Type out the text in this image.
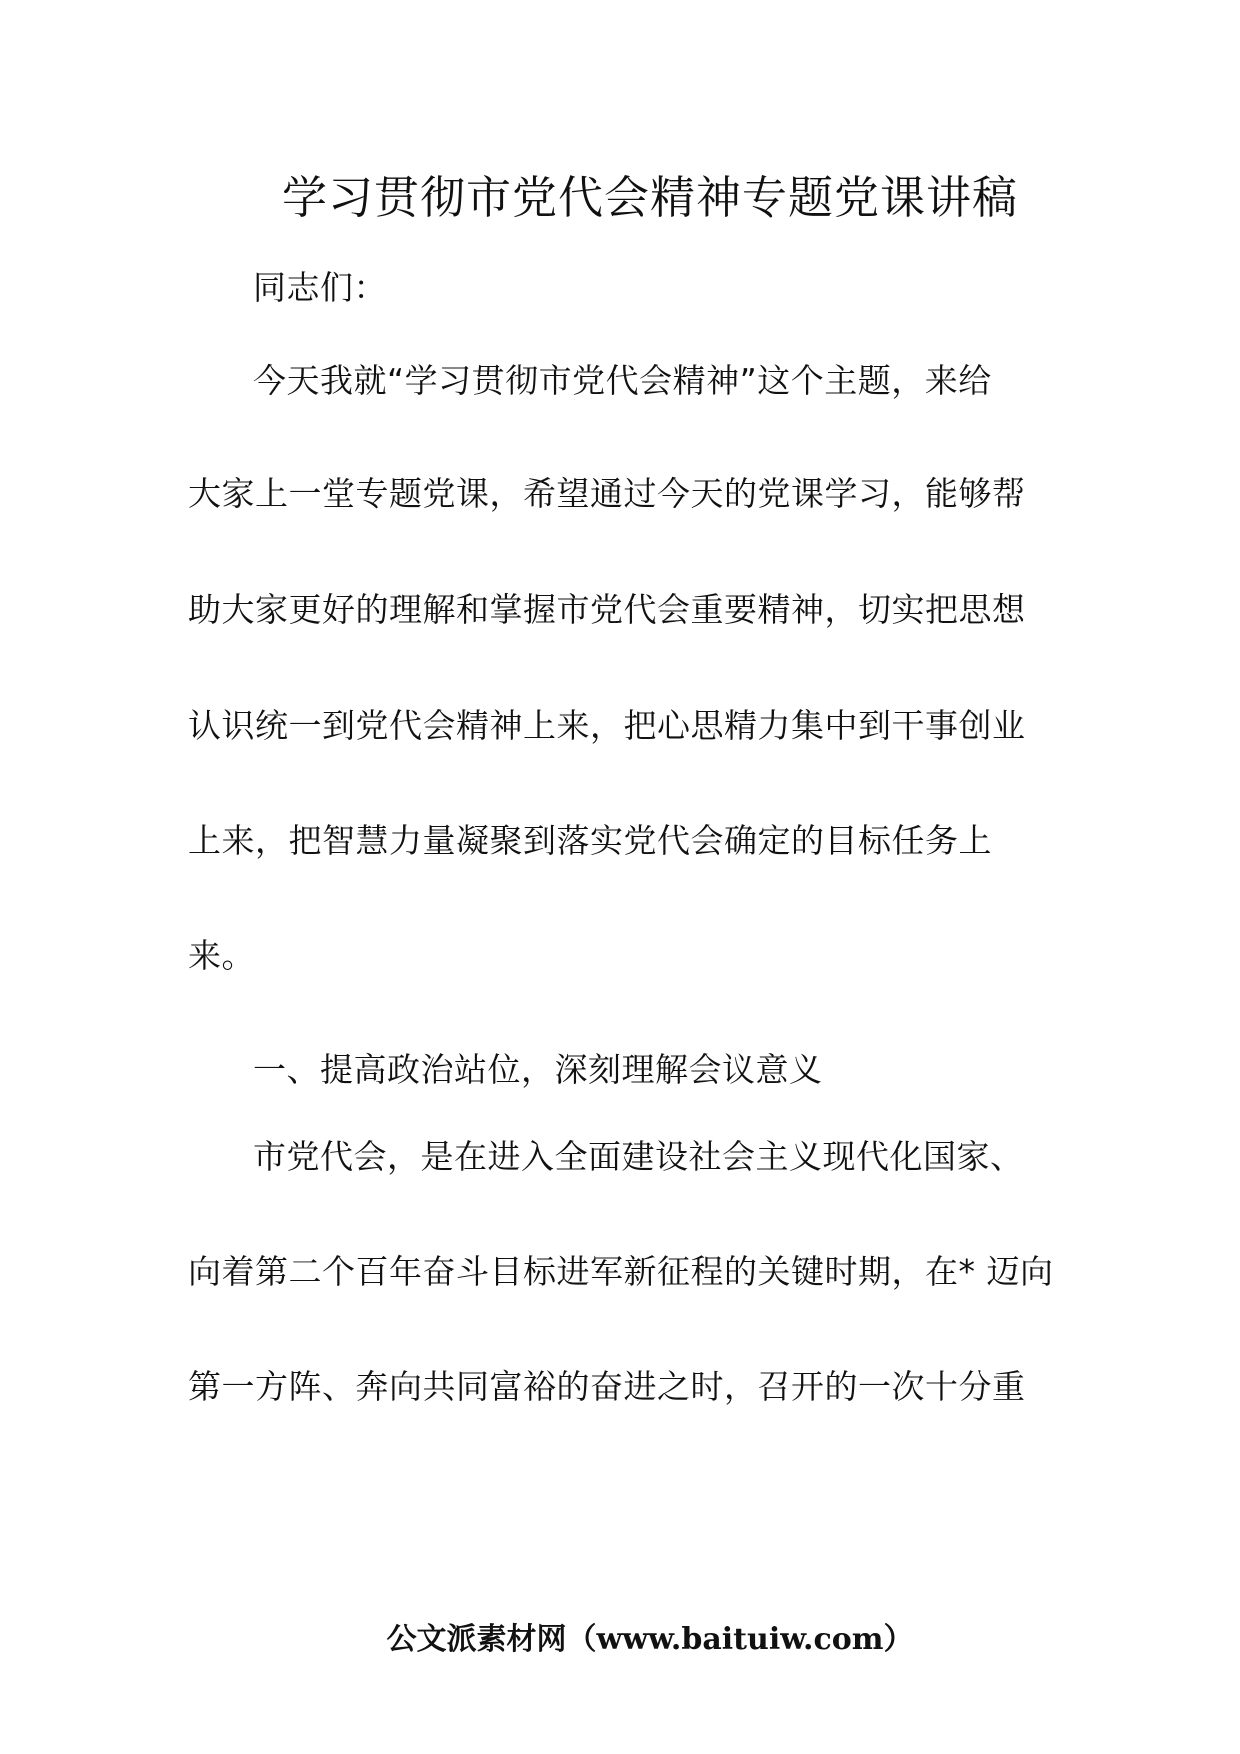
学习贯彻市党代会精神专题党课讲稿
同志们：
今天我就“学习贯彻市党代会精神”这个主题，来给
大家上一堂专题党课，希望通过今天的党课学习，能够帮
助大家更好的理解和掌握市党代会重要精神，切实把思想
认识统一到党代会精神上来，把心思精力集中到干事创业
上来，把智慧力量凝聚到落实党代会确定的目标任务上
来。
一、提高政治站位，深刻理解会议意义
市党代会，是在进入全面建设社会主义现代化国家、
向着第二个百年奋斗目标进军新征程的关键时期，在* 迈向
第一方阵、奔向共同富裕的奋进之时，召开的一次十分重
公文派素材网（www.baituiw.com）
